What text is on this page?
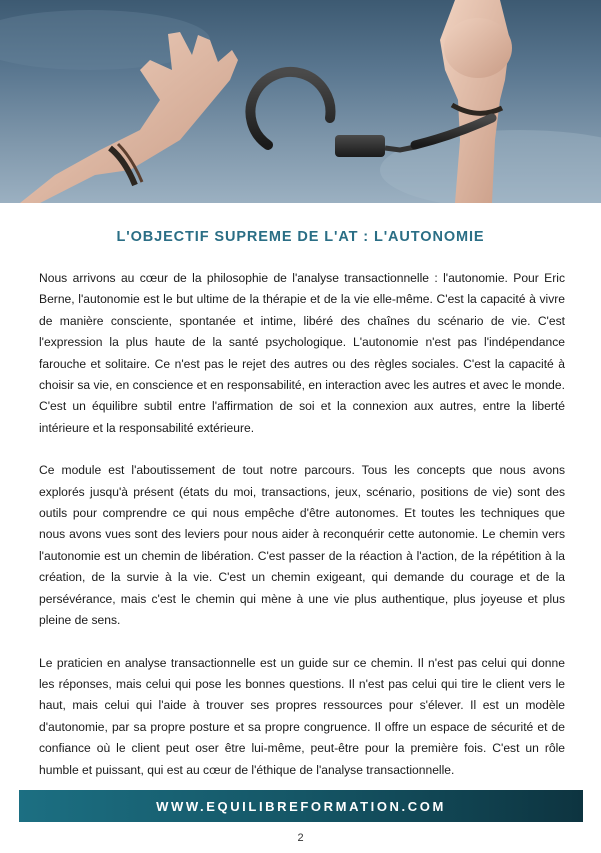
L'OBJECTIF SUPREME DE L'AT : L'AUTONOMIE

Nous arrivons au cœur de la philosophie de l'analyse transactionnelle : l'autonomie. Pour Eric Berne, l'autonomie est le but ultime de la thérapie et de la vie elle-même. C'est la capacité à vivre de manière consciente, spontanée et intime, libéré des chaînes du scénario de vie. C'est l'expression la plus haute de la santé psychologique. L'autonomie n'est pas l'indépendance farouche et solitaire. Ce n'est pas le rejet des autres ou des règles sociales. C'est la capacité à choisir sa vie, en conscience et en responsabilité, en interaction avec les autres et avec le monde. C'est un équilibre subtil entre l'affirmation de soi et la connexion aux autres, entre la liberté intérieure et la responsabilité extérieure.

Ce module est l'aboutissement de tout notre parcours. Tous les concepts que nous avons explorés jusqu'à présent (états du moi, transactions, jeux, scénario, positions de vie) sont des outils pour comprendre ce qui nous empêche d'être autonomes. Et toutes les techniques que nous avons vues sont des leviers pour nous aider à reconquérir cette autonomie. Le chemin vers l'autonomie est un chemin de libération. C'est passer de la réaction à l'action, de la répétition à la création, de la survie à la vie. C'est un chemin exigeant, qui demande du courage et de la persévérance, mais c'est le chemin qui mène à une vie plus authentique, plus joyeuse et plus pleine de sens.

Le praticien en analyse transactionnelle est un guide sur ce chemin. Il n'est pas celui qui donne les réponses, mais celui qui pose les bonnes questions. Il n'est pas celui qui tire le client vers le haut, mais celui qui l'aide à trouver ses propres ressources pour s'élever. Il est un modèle d'autonomie, par sa propre posture et sa propre congruence. Il offre un espace de sécurité et de confiance où le client peut oser être lui-même, peut-être pour la première fois. C'est un rôle humble et puissant, qui est au cœur de l'éthique de l'analyse transactionnelle.

WWW.EQUILIBREFORMATION.COM
2
